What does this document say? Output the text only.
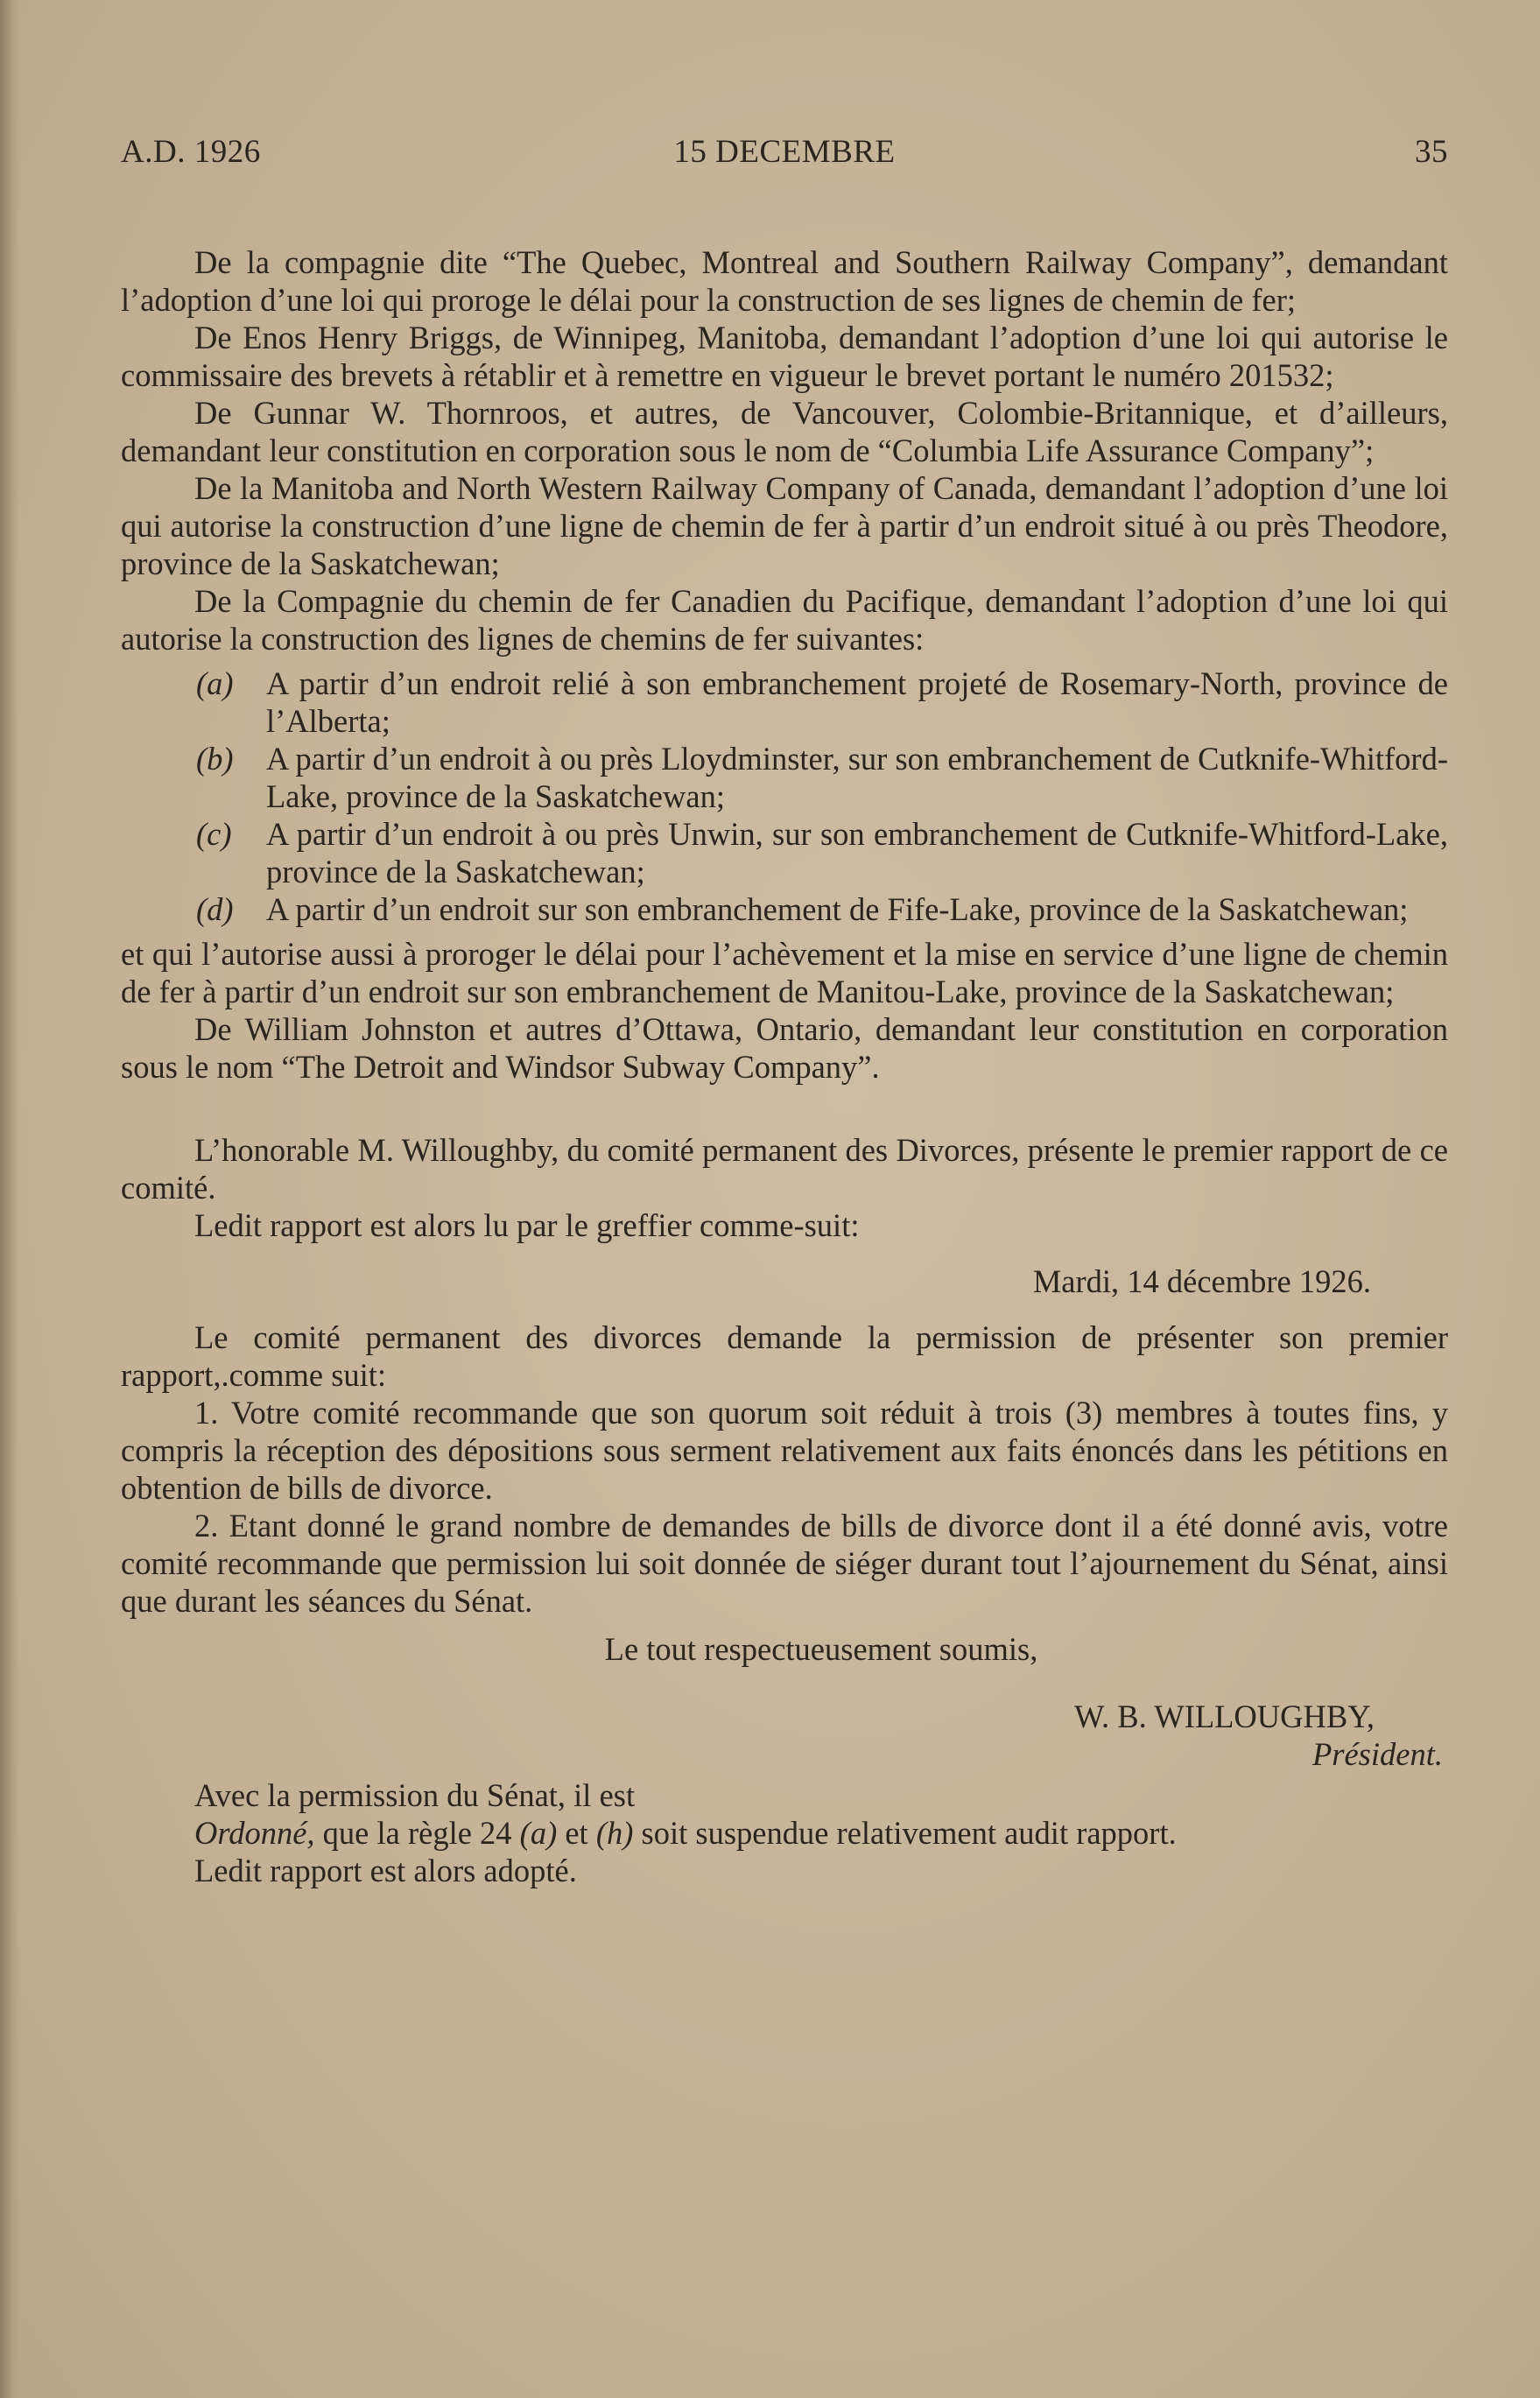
A.D. 1926	15 DECEMBRE	35

De la compagnie dite “The Quebec, Montreal and Southern Railway Company”, demandant l’adoption d’une loi qui proroge le délai pour la construction de ses lignes de chemin de fer;

De Enos Henry Briggs, de Winnipeg, Manitoba, demandant l’adoption d’une loi qui autorise le commissaire des brevets à rétablir et à remettre en vigueur le brevet portant le numéro 201532;

De Gunnar W. Thornroos, et autres, de Vancouver, Colombie-Britannique, et d’ailleurs, demandant leur constitution en corporation sous le nom de “Columbia Life Assurance Company”;

De la Manitoba and North Western Railway Company of Canada, demandant l’adoption d’une loi qui autorise la construction d’une ligne de chemin de fer à partir d’un endroit situé à ou près Theodore, province de la Saskatchewan;

De la Compagnie du chemin de fer Canadien du Pacifique, demandant l’adoption d’une loi qui autorise la construction des lignes de chemins de fer suivantes:

(a) A partir d’un endroit relié à son embranchement projeté de Rosemary-North, province de l’Alberta;

(b) A partir d’un endroit à ou près Lloydminster, sur son embranchement de Cutknife-Whitford-Lake, province de la Saskatchewan;

(c) A partir d’un endroit à ou près Unwin, sur son embranchement de Cutknife-Whitford-Lake, province de la Saskatchewan;

(d) A partir d’un endroit sur son embranchement de Fife-Lake, province de la Saskatchewan;

et qui l’autorise aussi à proroger le délai pour l’achèvement et la mise en service d’une ligne de chemin de fer à partir d’un endroit sur son embranchement de Manitou-Lake, province de la Saskatchewan;

De William Johnston et autres d’Ottawa, Ontario, demandant leur constitution en corporation sous le nom “The Detroit and Windsor Subway Company”.

L’honorable M. Willoughby, du comité permanent des Divorces, présente le premier rapport de ce comité.

Ledit rapport est alors lu par le greffier comme-suit:

Mardi, 14 décembre 1926.

Le comité permanent des divorces demande la permission de présenter son premier rapport,.comme suit:

1. Votre comité recommande que son quorum soit réduit à trois (3) membres à toutes fins, y compris la réception des dépositions sous serment relativement aux faits énoncés dans les pétitions en obtention de bills de divorce.

2. Etant donné le grand nombre de demandes de bills de divorce dont il a été donné avis, votre comité recommande que permission lui soit donnée de siéger durant tout l’ajournement du Sénat, ainsi que durant les séances du Sénat.

Le tout respectueusement soumis,

W. B. WILLOUGHBY,

Président.

Avec la permission du Sénat, il est

Ordonné, que la règle 24 (a) et (h) soit suspendue relativement audit rapport.

Ledit rapport est alors adopté.
